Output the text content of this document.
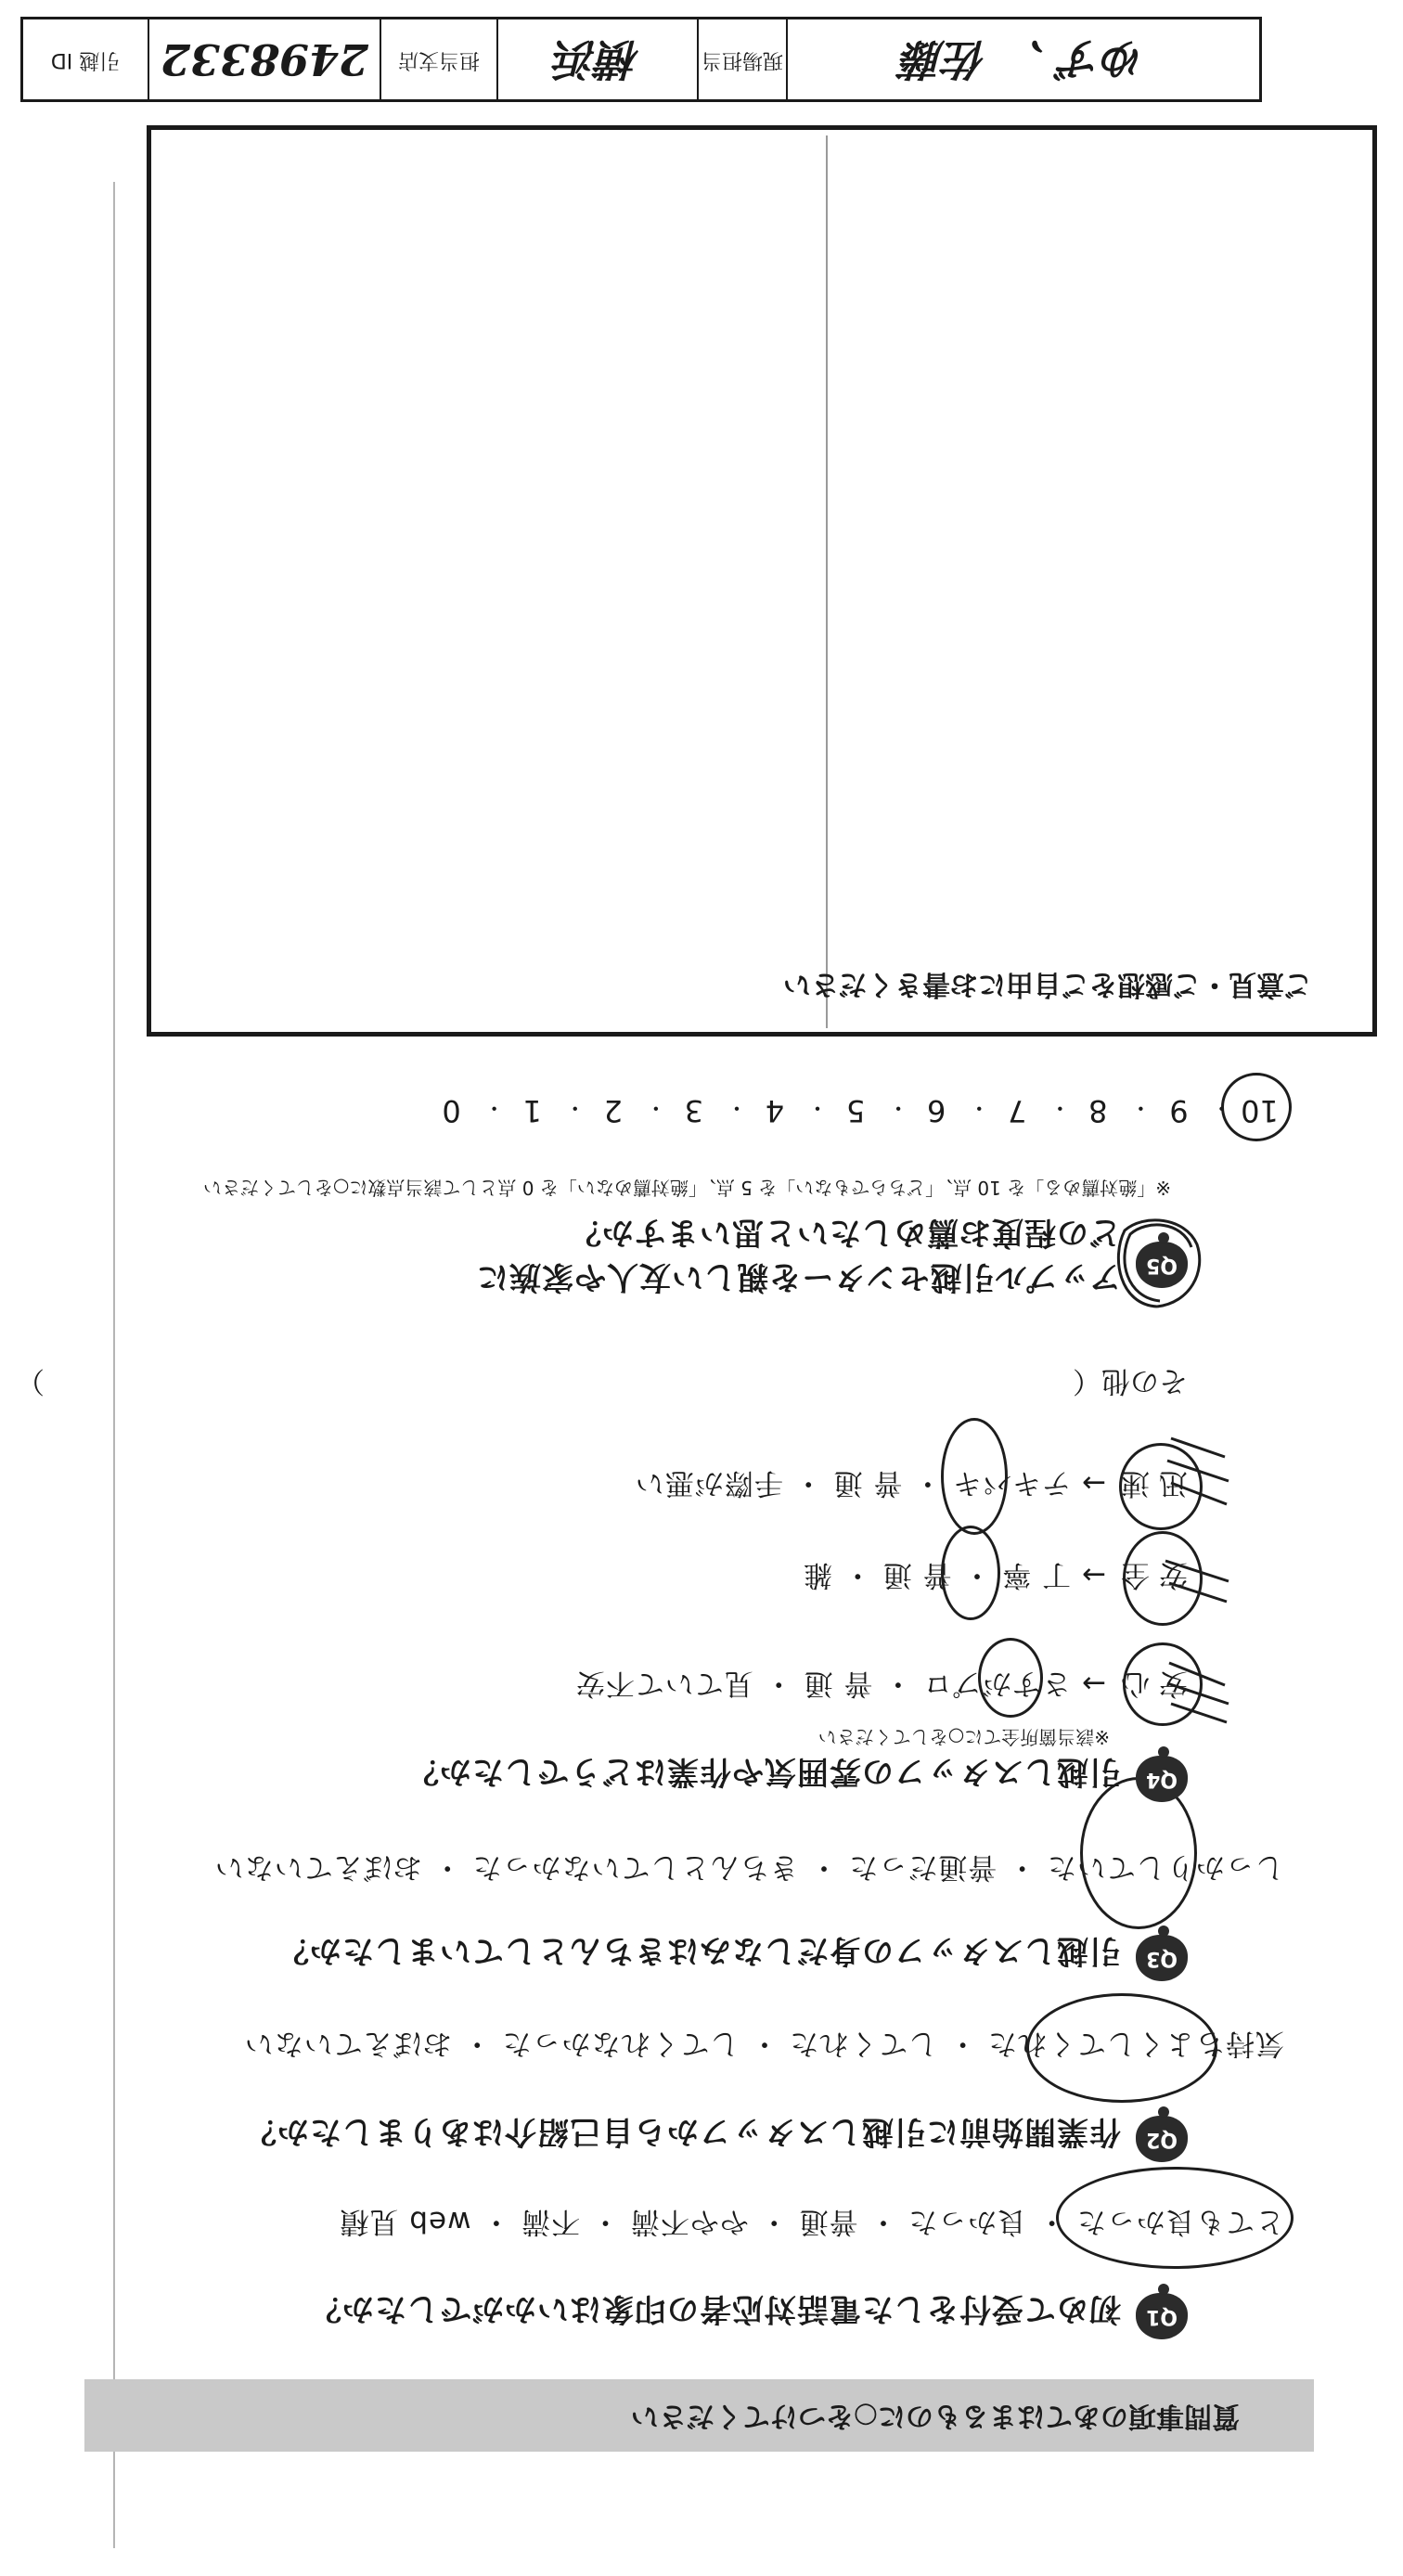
質問事項のあてはまるものに○をつけてください
Q1
初めて受付をした電話対応者の印象はいかがでしたか？
とても良かった ・ 良かった ・ 普通 ・ やや不満 ・ 不満 ・ web 見積
Q2
作業開始前に引越しスタッフから自己紹介はありましたか？
気持ちよくしてくれた ・ してくれた ・ してくれなかった ・ おぼえていない
Q3
引越しスタッフの身だしなみはきちんとしていましたか？
しっかりしていた ・ 普通だった ・ きちんとしていなかった ・ おぼえていない
Q4
引越しスタッフの雰囲気や作業はどうでしたか？
※該当箇所全てに○をしてください
安 心
→ さすがプロ ・ 普 通 ・ 見ていて不安
安 全
→ 丁 寧 ・ 普 通 ・ 雑
迅 速
→ テキパキ ・ 普 通 ・ 手際が悪い
その他（
）
Q5
アップル引越センターを親しい友人や家族に
どの程度お薦めしたいと思いますか？
※「絶対薦める」を 10 点、「どちらでもない」を 5 点、「絶対薦めない」を 0 点として該当点数に○をしてください
10・ 9・ 8・ 7・ 6・ 5・ 4・ 3・ 2・ 1・ 0
ご意見・ご感想をご自由にお書きください
ゆず 、 佐藤
現場担当
横浜
担当支店
2498332
引越 ID
